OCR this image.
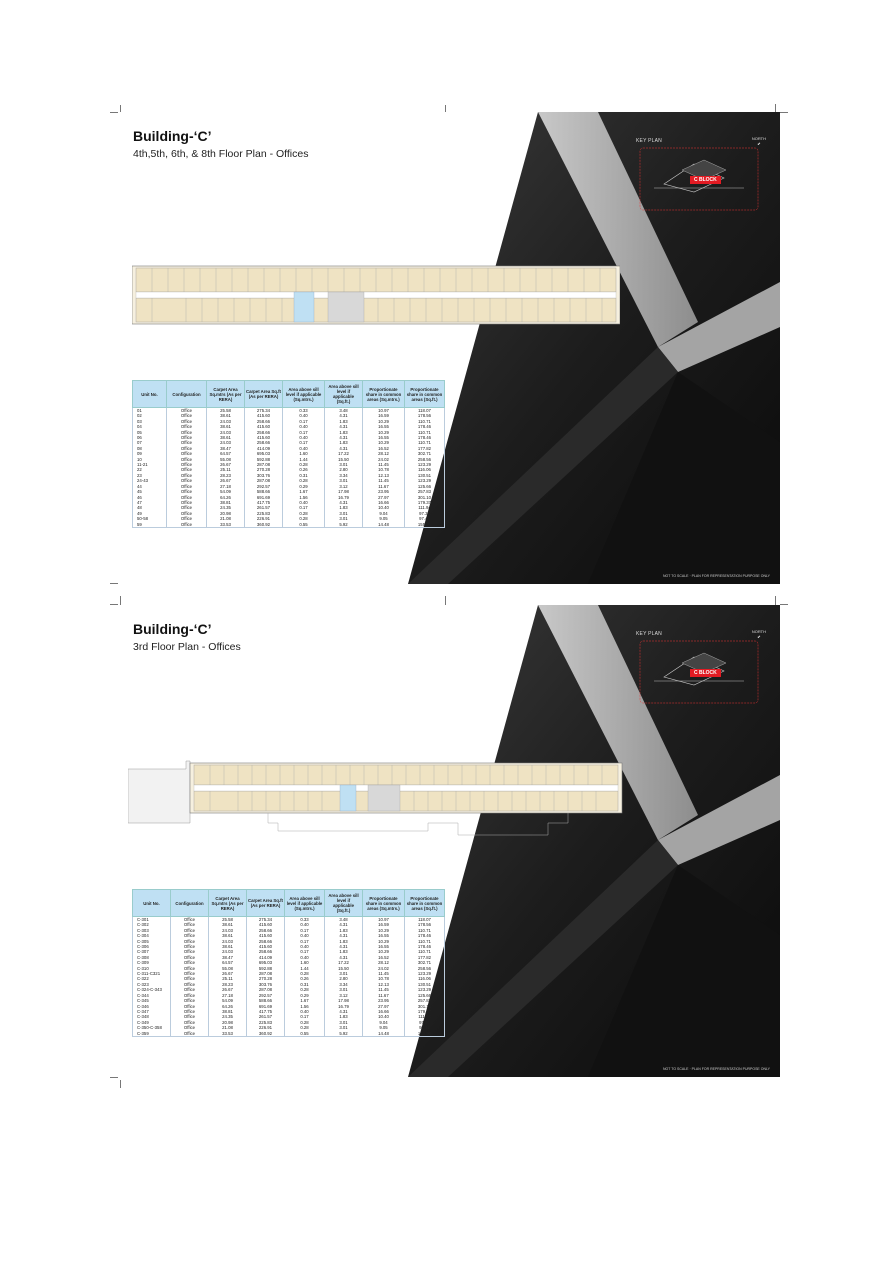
Building-‘C’
4th,5th, 6th, & 8th Floor Plan - Offices
KEY PLAN	NORTH
⬋
C BLOCK
Unit No.	Configuration	Carpet Area Sq.mtrs (As per RERA)	Carpet Area Sq.ft (As per RERA)	Area above sill level if applicable (Sq.mtrs.)	Area above sill level if applicable (Sq.ft.)	Proportionate share in common areas (Sq.mtrs.)	Proportionate share in common areas (Sq.ft.)
01	Office	25.58	275.34	0.33	3.48	10.97	118.07
02	Office	38.61	415.60	0.40	4.31	16.59	178.56
03	Office	24.03	258.66	0.17	1.83	10.29	110.71
04	Office	38.61	415.60	0.40	4.31	16.55	178.46
05	Office	24.03	258.66	0.17	1.83	10.29	110.71
06	Office	38.61	415.60	0.40	4.31	16.55	178.46
07	Office	24.03	258.66	0.17	1.83	10.29	110.71
08	Office	38.47	414.09	0.40	4.31	16.52	177.82
09	Office	64.57	695.03	1.60	17.22	28.12	302.71
10	Office	55.08	592.88	1.44	15.50	24.02	258.56
11-21	Office	26.67	287.08	0.28	3.01	11.45	123.29
22	Office	25.11	270.28	0.26	2.80	10.78	116.06
23	Office	28.23	303.76	0.31	3.34	12.13	130.51
24-43	Office	26.67	287.08	0.28	3.01	11.45	123.29
44	Office	27.18	292.57	0.29	3.12	11.67	125.66
45	Office	54.09	588.66	1.67	17.98	23.95	257.83
46	Office	64.26	691.69	1.56	16.79	27.97	301.10
47	Office	38.81	417.75	0.40	4.31	16.66	179.37
48	Office	24.35	261.57	0.17	1.83	10.40	111.94
49	Office	20.98	225.83	0.28	3.01	9.04	97.36
50-58	Office	21.08	226.91	0.28	3.01	9.05	97.41
59	Office	33.53	360.92	0.55	5.92	14.48	155.90
NOT TO SCALE · PLAN FOR REPRESENTATION PURPOSE ONLY
Building-‘C’
3rd Floor Plan - Offices
KEY PLAN	NORTH
⬋
C BLOCK
Unit No.	Configuration	Carpet Area Sq.mtrs (As per RERA)	Carpet Area Sq.ft (As per RERA)	Area above sill level if applicable (Sq.mtrs.)	Area above sill level if applicable (Sq.ft.)	Proportionate share in common areas (Sq.mtrs.)	Proportionate share in common areas (Sq.ft.)
C-301	Office	25.58	275.34	0.33	3.48	10.97	118.07
C-302	Office	38.61	415.60	0.40	4.31	16.59	178.56
C-303	Office	24.03	258.66	0.17	1.83	10.29	110.71
C-304	Office	38.61	415.60	0.40	4.31	16.55	178.46
C-305	Office	24.03	258.66	0.17	1.83	10.29	110.71
C-306	Office	38.61	415.60	0.40	4.31	16.55	178.46
C-307	Office	24.03	258.66	0.17	1.83	10.29	110.71
C-308	Office	38.47	414.09	0.40	4.31	16.52	177.82
C-309	Office	64.57	695.03	1.60	17.22	28.12	302.71
C-310	Office	55.08	592.88	1.44	15.50	24.02	258.56
C-311-C321	Office	26.67	287.08	0.28	3.01	11.45	123.29
C-322	Office	25.11	270.28	0.26	2.80	10.78	116.06
C-323	Office	28.23	303.76	0.31	3.34	12.13	130.51
C-324-C-343	Office	26.67	287.08	0.28	3.01	11.45	123.29
C-344	Office	27.18	292.57	0.29	3.12	11.67	125.66
C-345	Office	54.09	588.66	1.67	17.98	23.95	257.83
C-346	Office	64.26	691.69	1.56	16.79	27.97	301.10
C-347	Office	38.81	417.75	0.40	4.31	16.66	179.37
C-348	Office	24.35	261.57	0.17	1.83	10.40	111.94
C-349	Office	20.98	225.83	0.28	3.01	9.04	97.36
C-350-C-358	Office	21.08	226.91	0.28	3.01	9.05	97.41
C-359	Office	33.53	360.92	0.55	5.92	14.48	155.90
NOT TO SCALE · PLAN FOR REPRESENTATION PURPOSE ONLY
